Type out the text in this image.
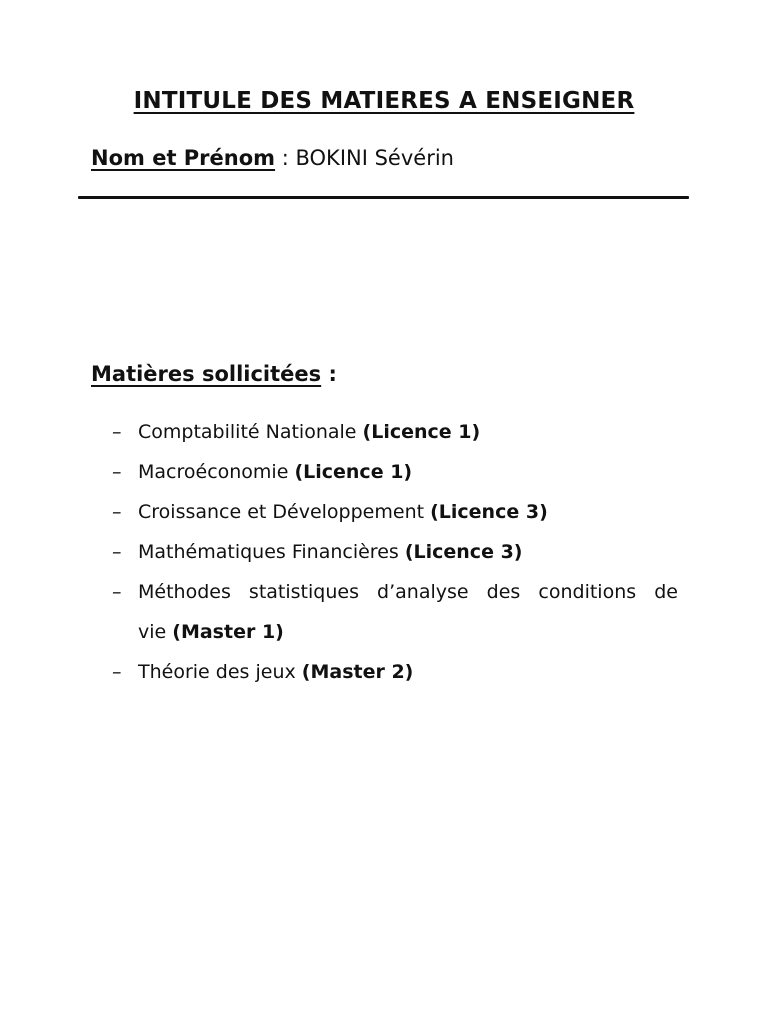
INTITULE DES MATIERES A ENSEIGNER
Nom et Prénom : BOKINI Sévérin
Matières sollicitées :
– Comptabilité Nationale (Licence 1)
– Macroéconomie (Licence 1)
– Croissance et Développement (Licence 3)
– Mathématiques Financières (Licence 3)
– Méthodes statistiques d’analyse des conditions de
vie (Master 1)
– Théorie des jeux (Master 2)
